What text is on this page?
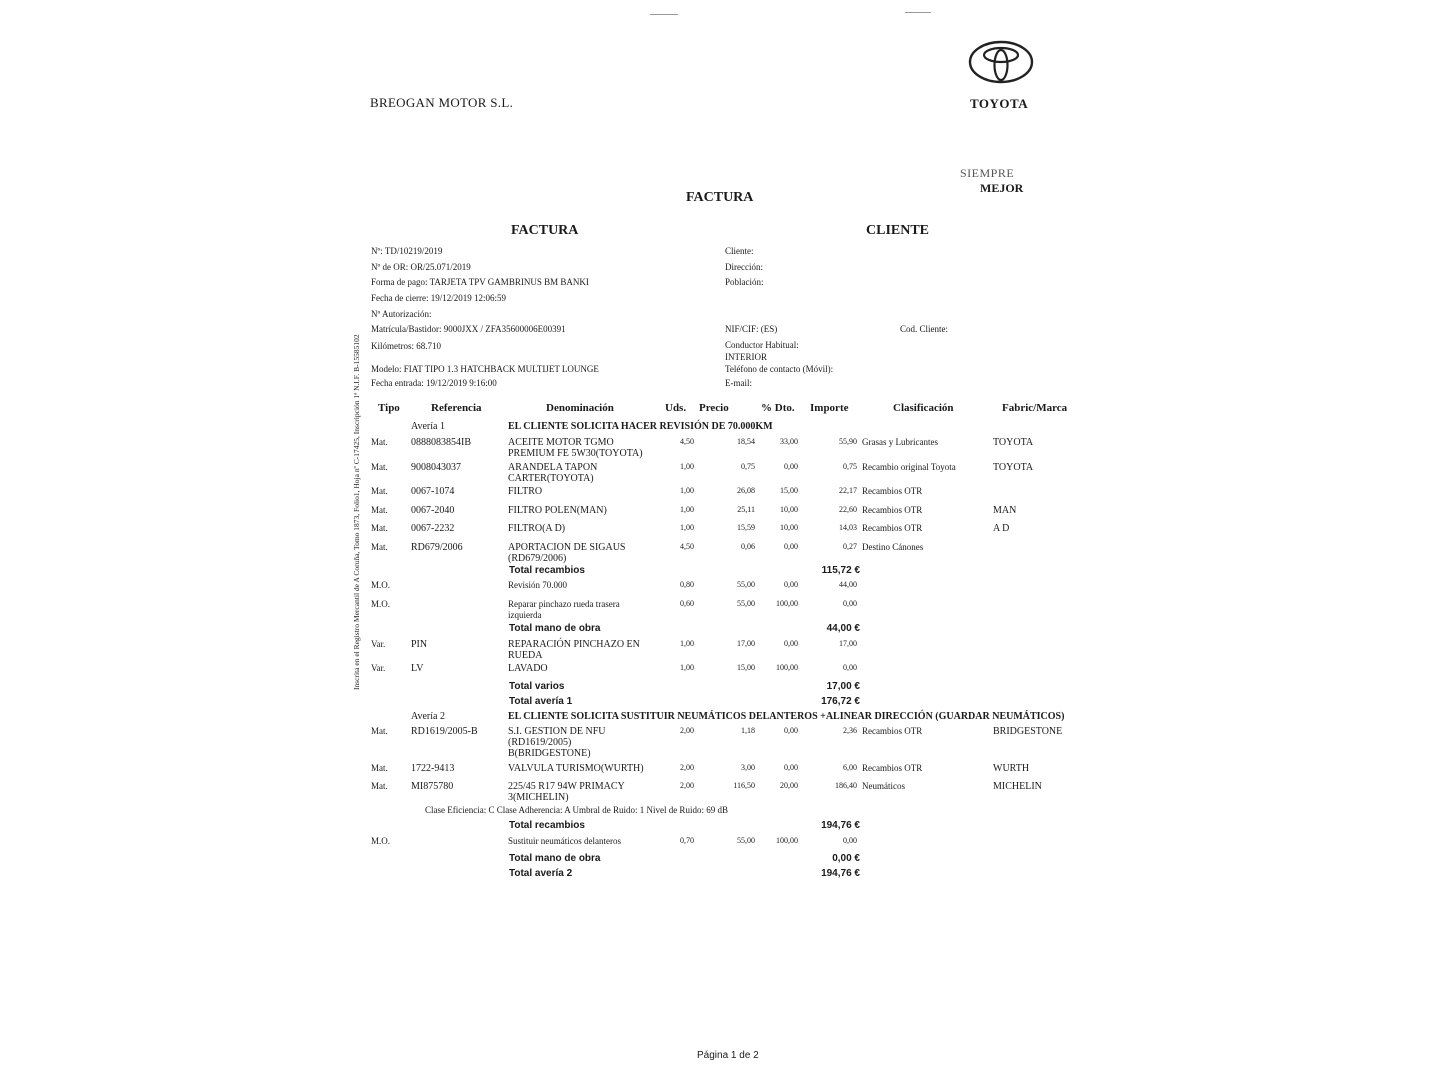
BREOGAN MOTOR S.L.	TOYOTA
SIEMPRE
MEJOR
FACTURA
FACTURA	CLIENTE
Nº: TD/10219/2019
Nº de OR: OR/25.071/2019
Forma de pago: TARJETA TPV GAMBRINUS BM BANKI
Fecha de cierre: 19/12/2019 12:06:59
Nº Autorización:
Matrícula/Bastidor: 9000JXX / ZFA35600006E00391
Kilómetros: 68.710
Modelo: FIAT TIPO 1.3 HATCHBACK MULTIJET LOUNGE
Fecha entrada: 19/12/2019 9:16:00
Cliente:
Dirección:
Población:
NIF/CIF: (ES)	Cod. Cliente:
Conductor Habitual:
INTERIOR
Teléfono de contacto (Móvil):
E-mail:
Inscrita en el Registro Mercantil de A Coruña, Tomo 1873, Folio1, Hoja nº C-17425, Inscripción 1ª N.I.F. B-15585102 Tipo	Referencia	Denominación	Uds. Precio	% Dto. Importe	Clasificación	Fabric/Marca
Avería 1	EL CLIENTE SOLICITA HACER REVISIÓN DE 70.000KM
Mat. 0888083854IB	ACEITE MOTOR TGMO
PREMIUM FE 5W30(TOYOTA)
4,50	18,54	33,00	55,90 Grasas y Lubricantes	TOYOTA
Mat. 9008043037	ARANDELA TAPON
CARTER(TOYOTA)
1,00	0,75	0,00	0,75 Recambio original Toyota	TOYOTA
Mat. 0067-1074	FILTRO	1,00	26,08	15,00	22,17 Recambios OTR
Mat. 0067-2040	FILTRO POLEN(MAN)	1,00	25,11	10,00	22,60 Recambios OTR	MAN
Mat. 0067-2232	FILTRO(A D)	1,00	15,59	10,00	14,03 Recambios OTR	A D
Mat. RD679/2006	APORTACION DE SIGAUS
(RD679/2006)
4,50	0,06	0,00	0,27 Destino Cánones
Total recambios	115,72 €
M.O.	Revisión 70.000	0,80	55,00	0,00	44,00
M.O.	Reparar pinchazo rueda trasera
izquierda
0,60	55,00	100,00	0,00
Total mano de obra	44,00 €
Var.	PIN	REPARACIÓN PINCHAZO EN
RUEDA
1,00	17,00	0,00	17,00
Var.	LV	LAVADO	1,00	15,00	100,00	0,00
Total varios	17,00 €
Total avería 1	176,72 €
Avería 2	EL CLIENTE SOLICITA SUSTITUIR NEUMÁTICOS DELANTEROS +ALINEAR DIRECCIÓN (GUARDAR NEUMÁTICOS)
Mat. RD1619/2005-B	S.I. GESTION DE NFU
(RD1619/2005)
B(BRIDGESTONE)
2,00	1,18	0,00	2,36 Recambios OTR	BRIDGESTONE
Mat. 1722-9413	VALVULA TURISMO(WURTH)	2,00	3,00	0,00	6,00 Recambios OTR	WURTH
Mat. MI875780	225/45 R17 94W PRIMACY
3(MICHELIN)
2,00	116,50	20,00	186,40 Neumáticos	MICHELIN
Clase Eficiencia: C Clase Adherencia: A Umbral de Ruido: 1 Nivel de Ruido: 69 dB
Total recambios	194,76 €
M.O.	Sustituir neumáticos delanteros	0,70	55,00	100,00	0,00
Total mano de obra	0,00 €
Total avería 2	194,76 €
Página 1 de 2
